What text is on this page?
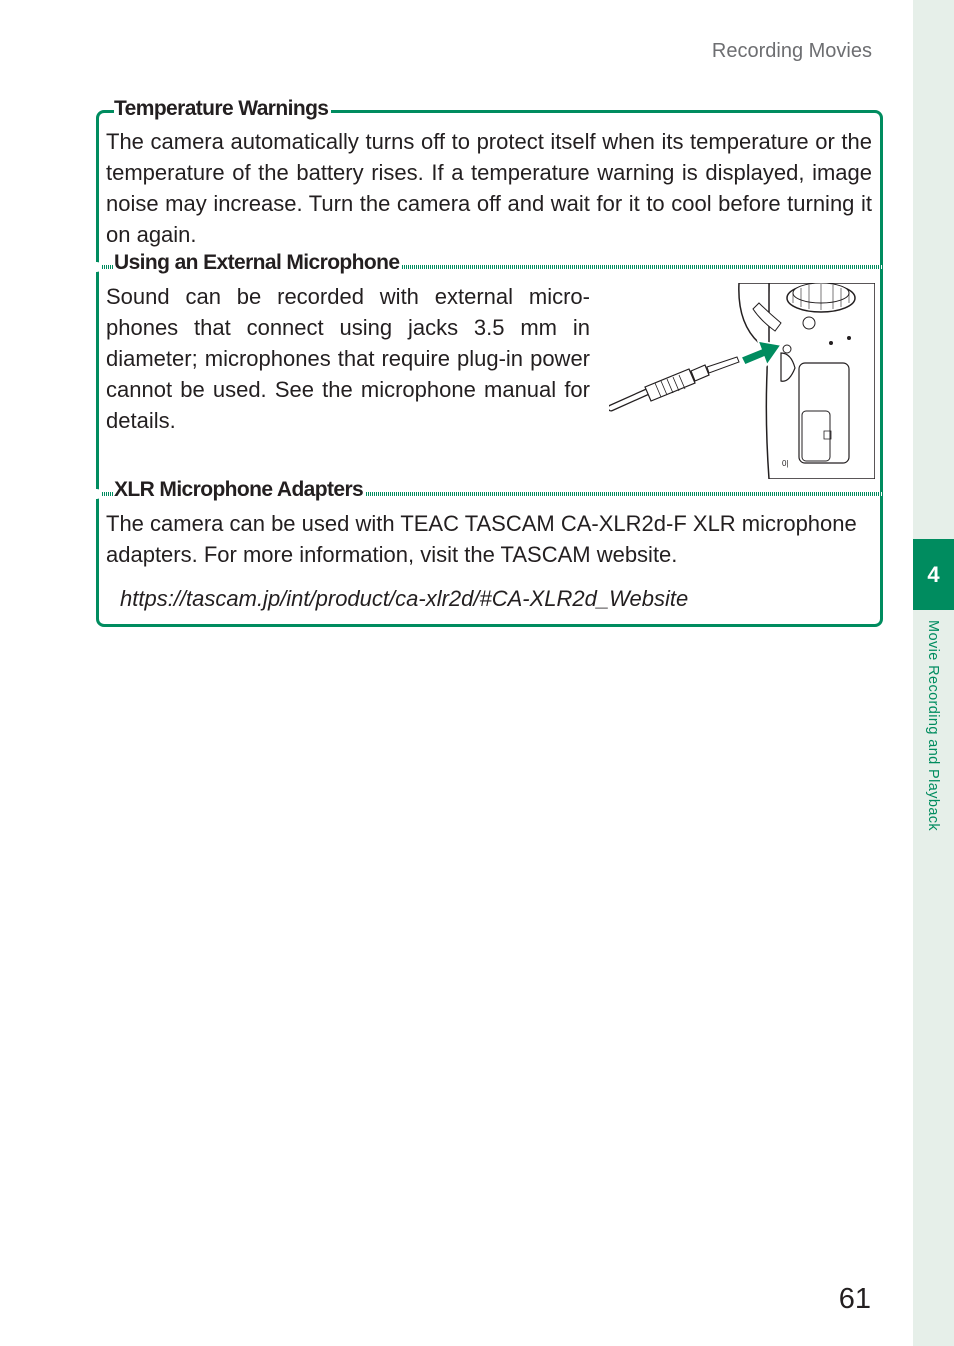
4
Movie Recording and Playback
Recording Movies
Temperature Warnings

The camera automatically turns off to protect itself when its temperature or the temperature of the battery rises. If a temperature warning is displayed, image noise may increase. Turn the camera off and wait for it to cool before turning it on again.

Using an External Microphone

Sound can be recorded with external micro-phones that connect using jacks 3.5 mm in diameter; microphones that require plug-in power cannot be used. See the microphone manual for details.

0|
XLR Microphone Adapters

The camera can be used with TEAC TASCAM CA-XLR2d-F XLR microphone adapters. For more information, visit the TASCAM website.

https://tascam.jp/int/product/ca-xlr2d/#CA-XLR2d_Website
61
